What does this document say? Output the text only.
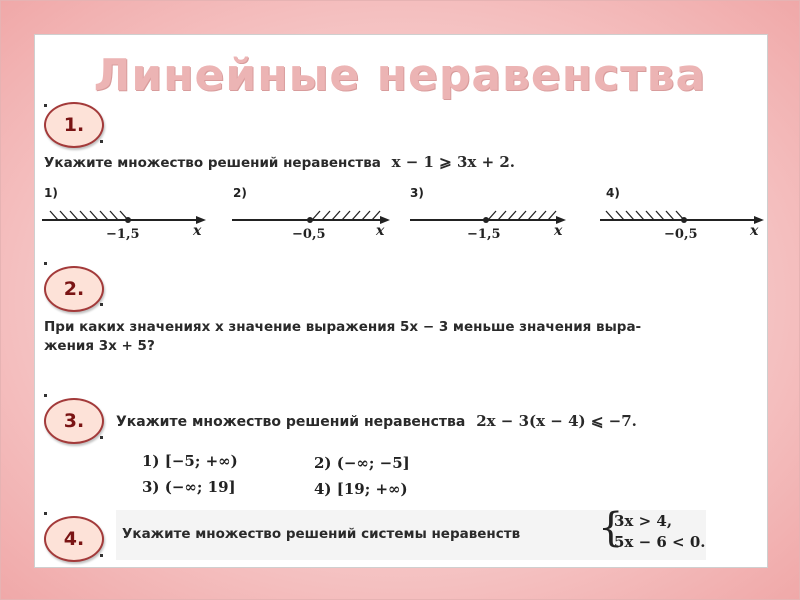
Линейные неравенства
1.
Укажите множество решений неравенства x − 1 ⩾ 3x + 2.
1)	2)	3)	4)
−1,5	x	−0,5	x	−1,5	x	−0,5	x
2.
При каких значениях x значение выражения 5x − 3 меньше значения выра-
жения 3x + 5?
3.	Укажите множество решений неравенства 2x − 3(x − 4) ⩽ −7.
1) [−5; +∞)	2) (−∞; −5]
3) (−∞; 19]	4) [19; +∞)
4.	Укажите множество решений системы неравенств {
3x > 4,
5x − 6 < 0.
